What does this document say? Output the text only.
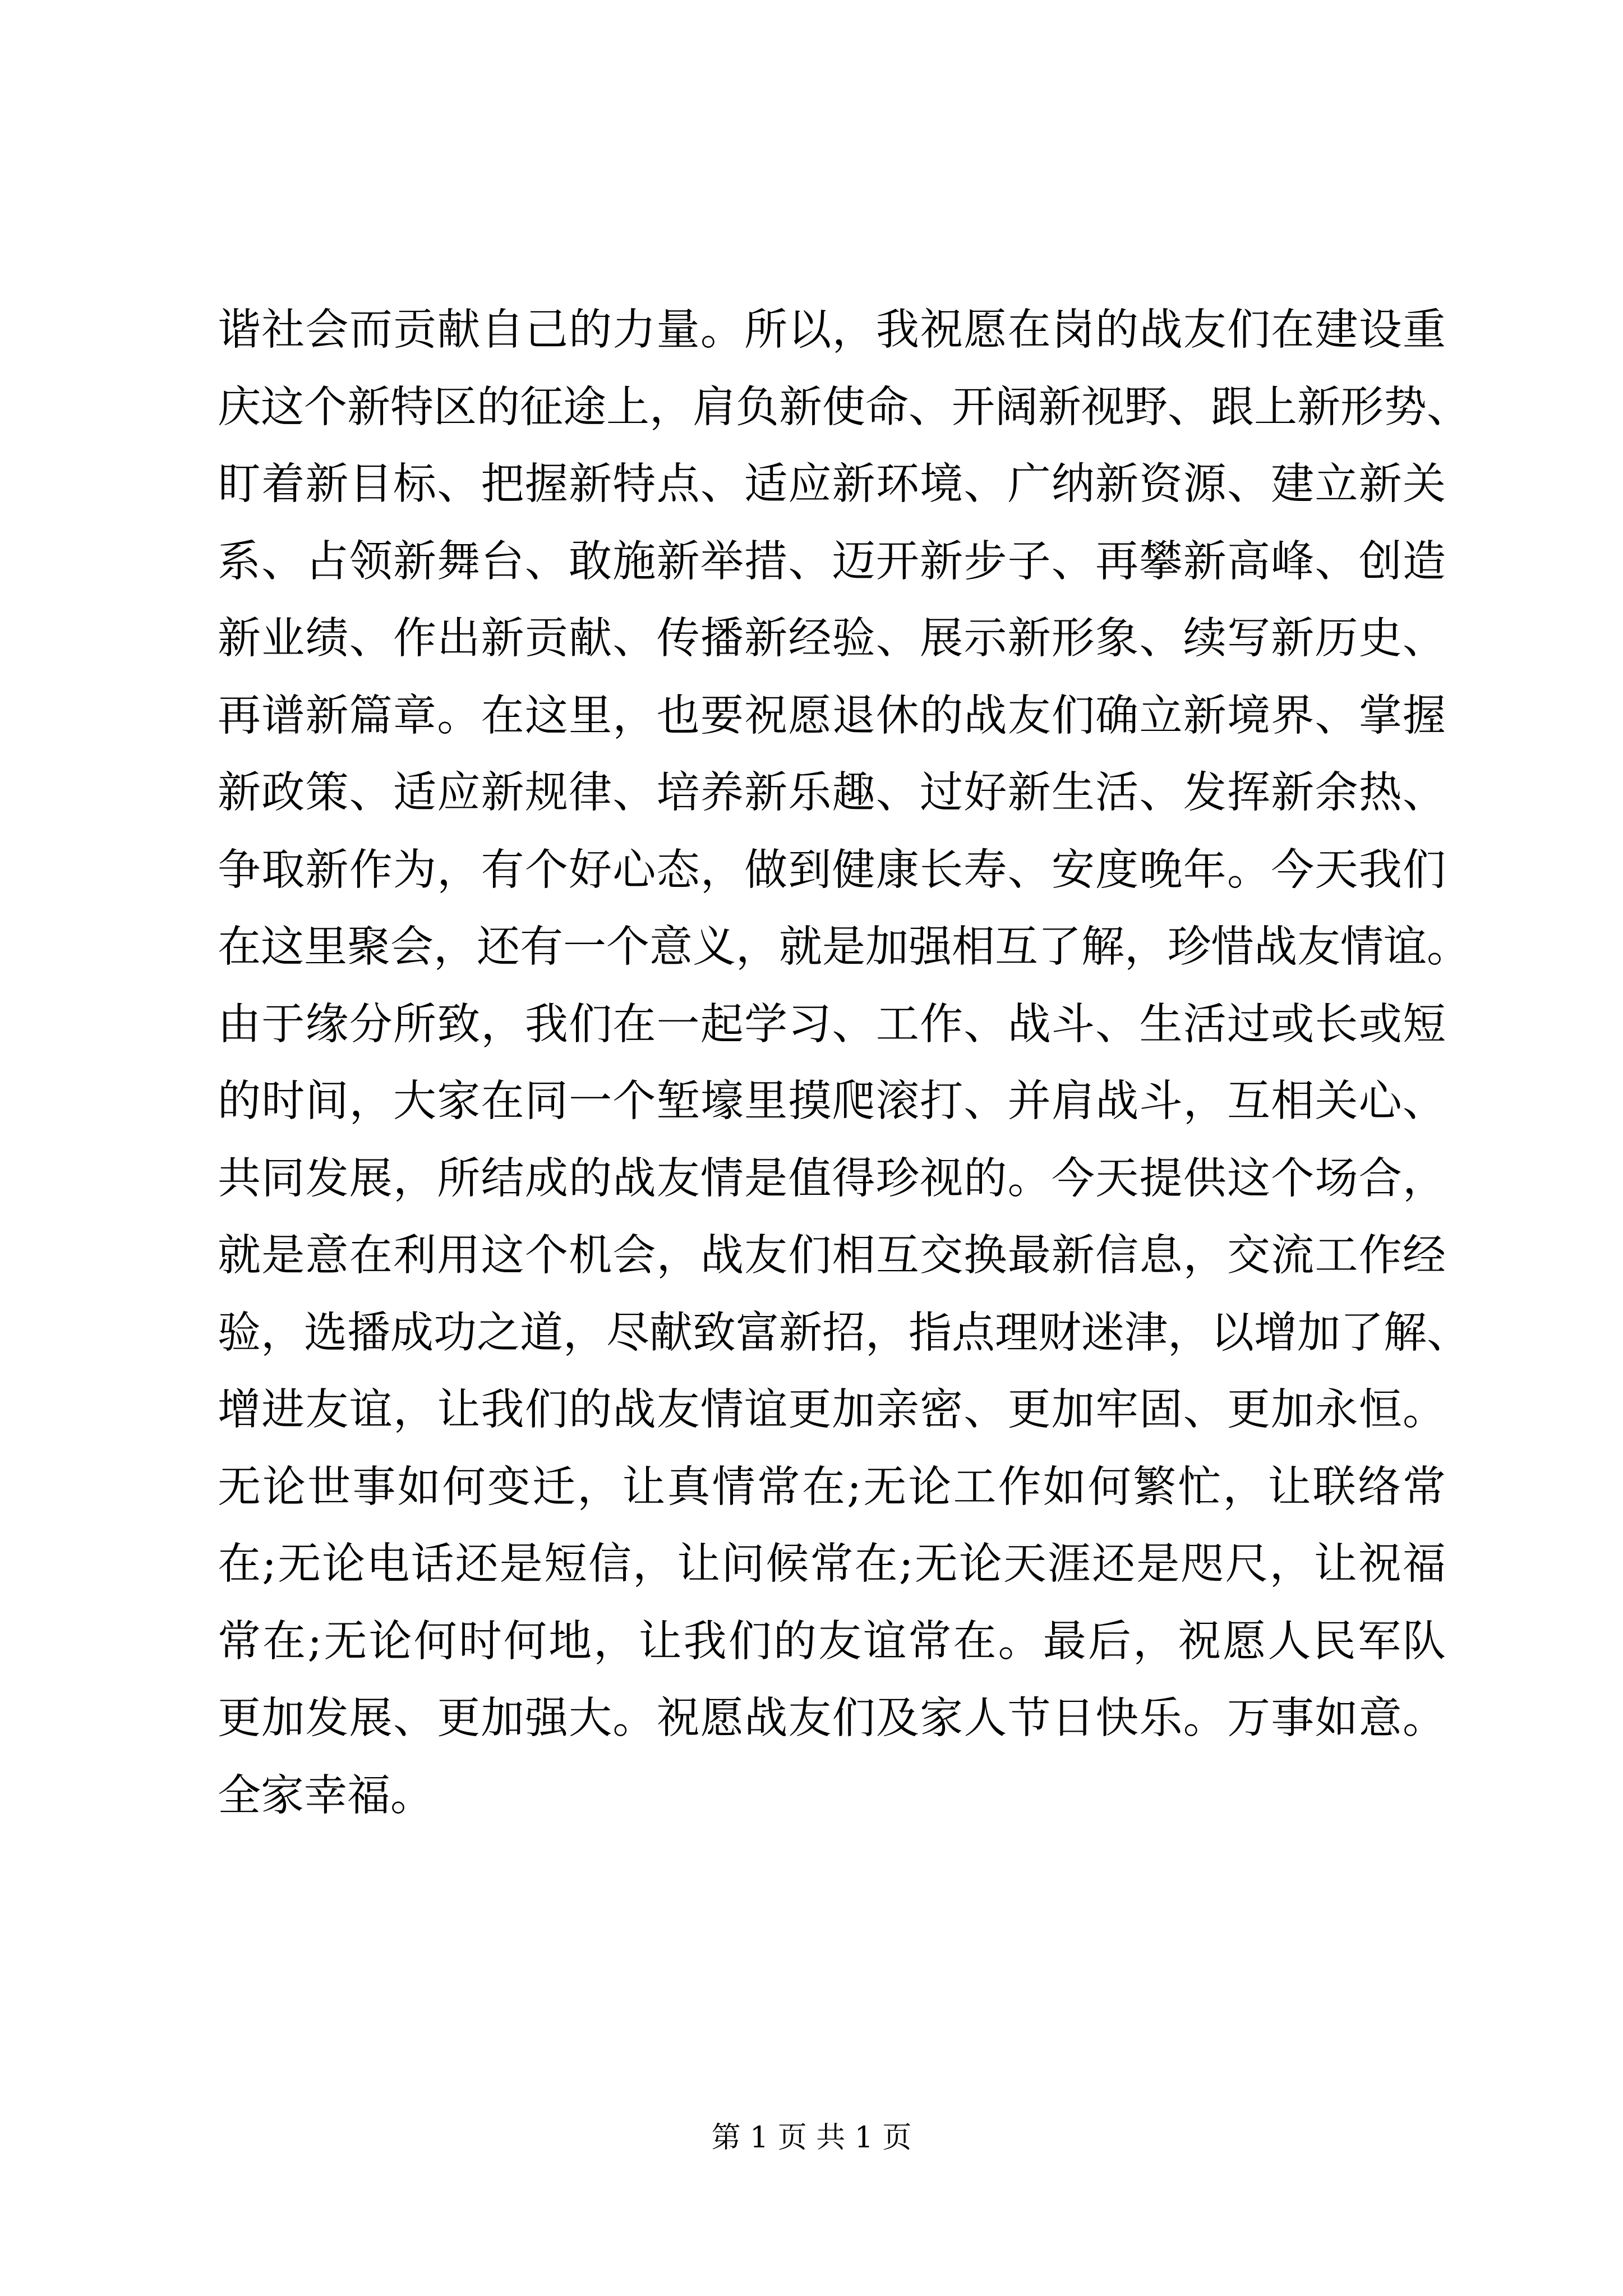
谐社会而贡献自己的力量。所以，我祝愿在岗的战友们在建设重
庆这个新特区的征途上，肩负新使命、开阔新视野、跟上新形势、
盯着新目标、把握新特点、适应新环境、广纳新资源、建立新关
系、占领新舞台、敢施新举措、迈开新步子、再攀新高峰、创造
新业绩、作出新贡献、传播新经验、展示新形象、续写新历史、
再谱新篇章。在这里，也要祝愿退休的战友们确立新境界、掌握
新政策、适应新规律、培养新乐趣、过好新生活、发挥新余热、
争取新作为，有个好心态，做到健康长寿、安度晚年。今天我们
在这里聚会，还有一个意义，就是加强相互了解，珍惜战友情谊。
由于缘分所致，我们在一起学习、工作、战斗、生活过或长或短
的时间，大家在同一个堑壕里摸爬滚打、并肩战斗，互相关心、
共同发展，所结成的战友情是值得珍视的。今天提供这个场合，
就是意在利用这个机会，战友们相互交换最新信息，交流工作经
验，选播成功之道，尽献致富新招，指点理财迷津，以增加了解、
增进友谊，让我们的战友情谊更加亲密、更加牢固、更加永恒。
无论世事如何变迁，让真情常在;无论工作如何繁忙，让联络常
在;无论电话还是短信，让问候常在;无论天涯还是咫尺，让祝福
常在;无论何时何地，让我们的友谊常在。最后，祝愿人民军队
更加发展、更加强大。祝愿战友们及家人节日快乐。万事如意。
全家幸福。
第 1 页 共 1 页
